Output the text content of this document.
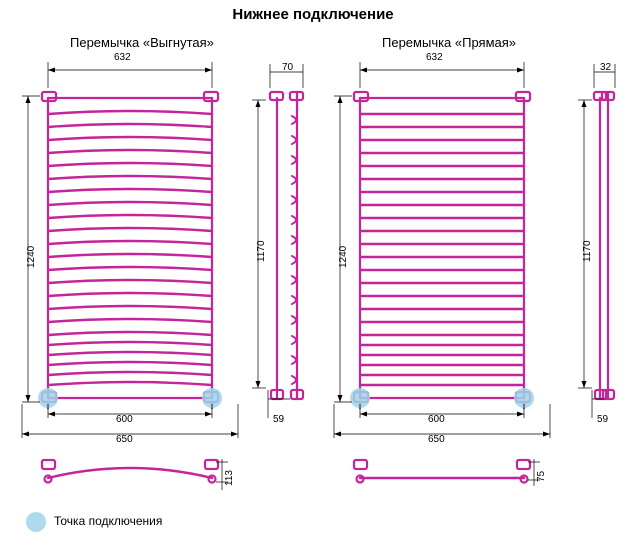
Нижнее подключение
Перемычка «Выгнутая»	Перемычка «Прямая»
632
1240
600
650
70
1170
59
632
1240
600
650
32
1170
59
113	75
Точка подключения
